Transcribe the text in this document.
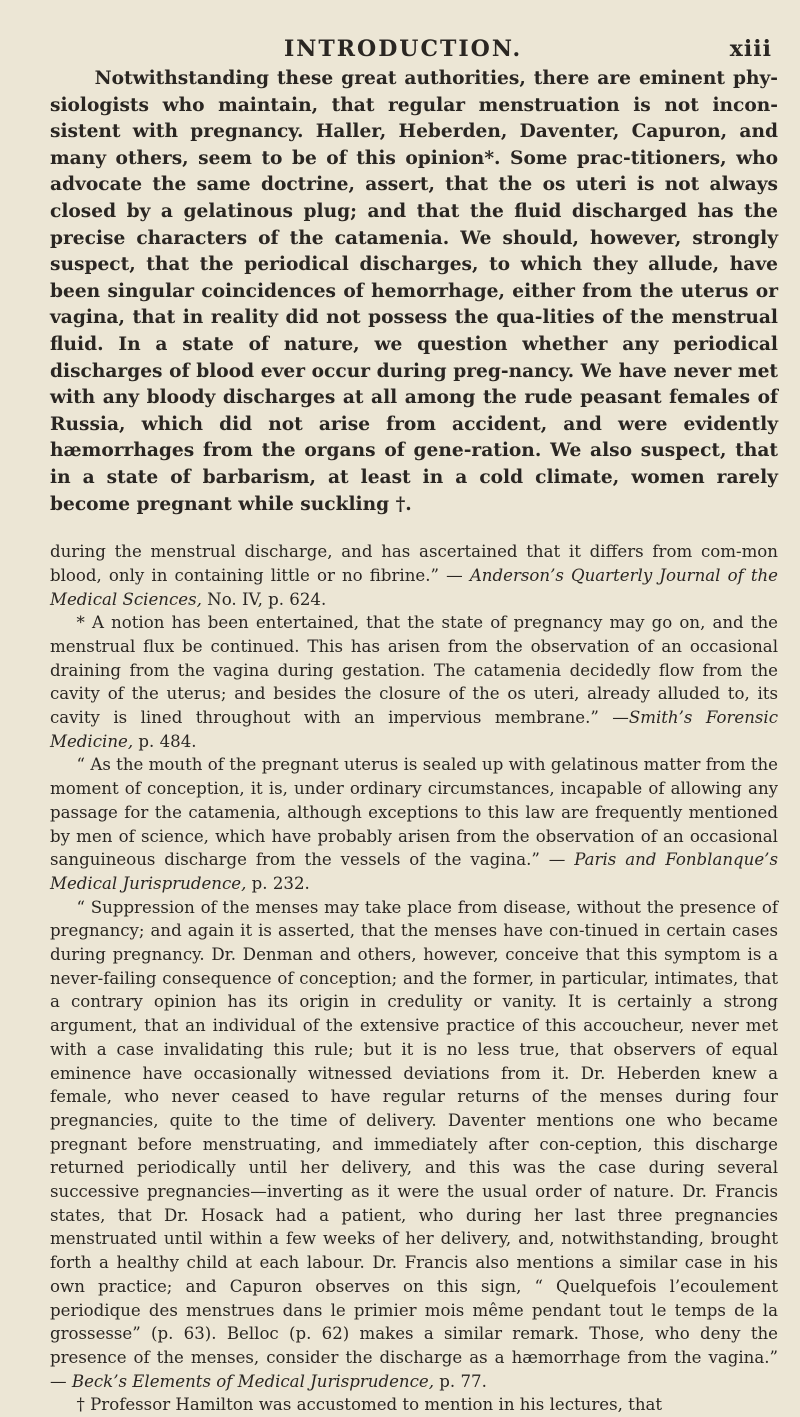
INTRODUCTION.	xiii

Notwithstanding these great authorities, there are eminent phy-siologists who maintain, that regular menstruation is not incon-sistent with pregnancy. Haller, Heberden, Daventer, Capuron, and many others, seem to be of this opinion*. Some prac-titioners, who advocate the same doctrine, assert, that the os uteri is not always closed by a gelatinous plug; and that the fluid discharged has the precise characters of the catamenia. We should, however, strongly suspect, that the periodical discharges, to which they allude, have been singular coincidences of hemorrhage, either from the uterus or vagina, that in reality did not possess the qua-lities of the menstrual fluid. In a state of nature, we question whether any periodical discharges of blood ever occur during preg-nancy. We have never met with any bloody discharges at all among the rude peasant females of Russia, which did not arise from accident, and were evidently hæmorrhages from the organs of gene-ration. We also suspect, that in a state of barbarism, at least in a cold climate, women rarely become pregnant while suckling †.

during the menstrual discharge, and has ascertained that it differs from com-mon blood, only in containing little or no fibrine.” — Anderson’s Quarterly Journal of the Medical Sciences, No. IV, p. 624.

* A notion has been entertained, that the state of pregnancy may go on, and the menstrual flux be continued. This has arisen from the observation of an occasional draining from the vagina during gestation. The catamenia decidedly flow from the cavity of the uterus; and besides the closure of the os uteri, already alluded to, its cavity is lined throughout with an impervious membrane.” —Smith’s Forensic Medicine, p. 484.

“ As the mouth of the pregnant uterus is sealed up with gelatinous matter from the moment of conception, it is, under ordinary circumstances, incapable of allowing any passage for the catamenia, although exceptions to this law are frequently mentioned by men of science, which have probably arisen from the observation of an occasional sanguineous discharge from the vessels of the vagina.” — Paris and Fonblanque’s Medical Jurisprudence, p. 232.

“ Suppression of the menses may take place from disease, without the presence of pregnancy; and again it is asserted, that the menses have con-tinued in certain cases during pregnancy. Dr. Denman and others, however, conceive that this symptom is a never-failing consequence of conception; and the former, in particular, intimates, that a contrary opinion has its origin in credulity or vanity. It is certainly a strong argument, that an individual of the extensive practice of this accoucheur, never met with a case invalidating this rule; but it is no less true, that observers of equal eminence have occasionally witnessed deviations from it. Dr. Heberden knew a female, who never ceased to have regular returns of the menses during four pregnancies, quite to the time of delivery. Daventer mentions one who became pregnant before menstruating, and immediately after con-ception, this discharge returned periodically until her delivery, and this was the case during several successive pregnancies—inverting as it were the usual order of nature. Dr. Francis states, that Dr. Hosack had a patient, who during her last three pregnancies menstruated until within a few weeks of her delivery, and, notwithstanding, brought forth a healthy child at each labour. Dr. Francis also mentions a similar case in his own practice; and Capuron observes on this sign, “ Quelquefois l’ecoulement periodique des menstrues dans le primier mois même pendant tout le temps de la grossesse” (p. 63). Belloc (p. 62) makes a similar remark. Those, who deny the presence of the menses, consider the discharge as a hæmorrhage from the vagina.” — Beck’s Elements of Medical Jurisprudence, p. 77.

† Professor Hamilton was accustomed to mention in his lectures, that
